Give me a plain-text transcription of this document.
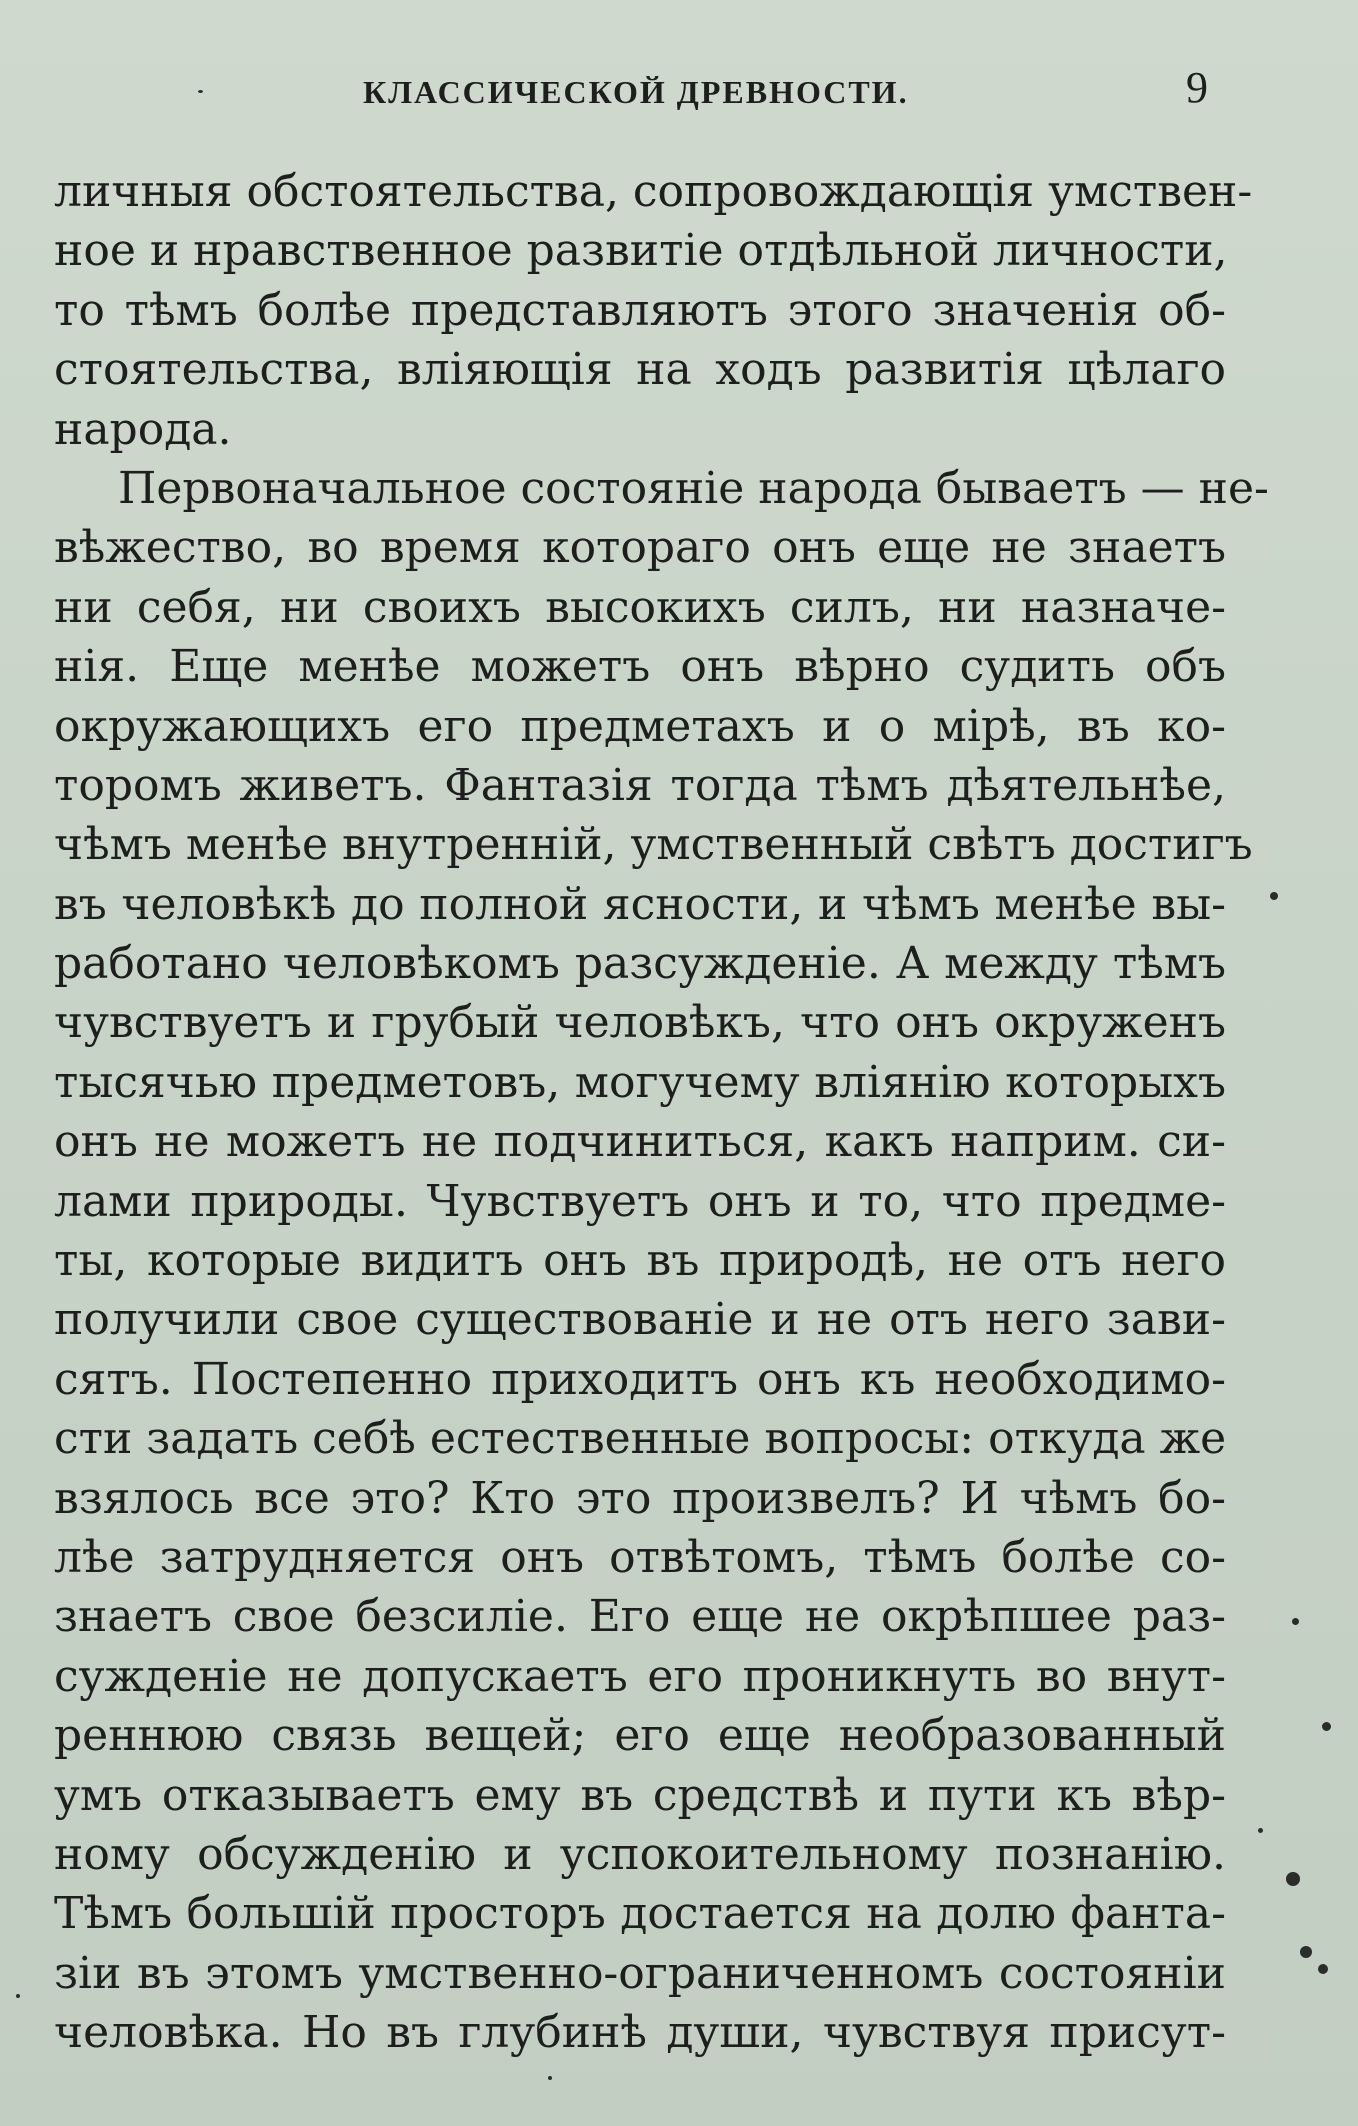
КЛАССИЧЕСКОЙ ДРЕВНОСТИ.	9
личныя обстоятельства, сопровождающія умствен-
ное и нравственное развитіе отдѣльной личности,
то тѣмъ болѣе представляютъ этого значенія об-
стоятельства, вліяющія на ходъ развитія цѣлаго
народа.
Первоначальное состояніе народа бываетъ — не-
вѣжество, во время котораго онъ еще не знаетъ
ни себя, ни своихъ высокихъ силъ, ни назначе-
нія. Еще менѣе можетъ онъ вѣрно судить объ
окружающихъ его предметахъ и о мірѣ, въ ко-
торомъ живетъ. Фантазія тогда тѣмъ дѣятельнѣе,
чѣмъ менѣе внутренній, умственный свѣтъ достигъ
въ человѣкѣ до полной ясности, и чѣмъ менѣе вы-
работано человѣкомъ разсужденіе. А между тѣмъ
чувствуетъ и грубый человѣкъ, что онъ окруженъ
тысячью предметовъ, могучему вліянію которыхъ
онъ не можетъ не подчиниться, какъ наприм. си-
лами природы. Чувствуетъ онъ и то, что предме-
ты, которые видитъ онъ въ природѣ, не отъ него
получили свое существованіе и не отъ него зави-
сятъ. Постепенно приходитъ онъ къ необходимо-
сти задать себѣ естественные вопросы: откуда же
взялось все это? Кто это произвелъ? И чѣмъ бо-
лѣе затрудняется онъ отвѣтомъ, тѣмъ болѣе со-
знаетъ свое безсиліе. Его еще не окрѣпшее раз-
сужденіе не допускаетъ его проникнуть во внут-
реннюю связь вещей; его еще необразованный
умъ отказываетъ ему въ средствѣ и пути къ вѣр-
ному обсужденію и успокоительному познанію.
Тѣмъ большій просторъ достается на долю фанта-
зіи въ этомъ умственно-ограниченномъ состояніи
человѣка. Но въ глубинѣ души, чувствуя присут-
